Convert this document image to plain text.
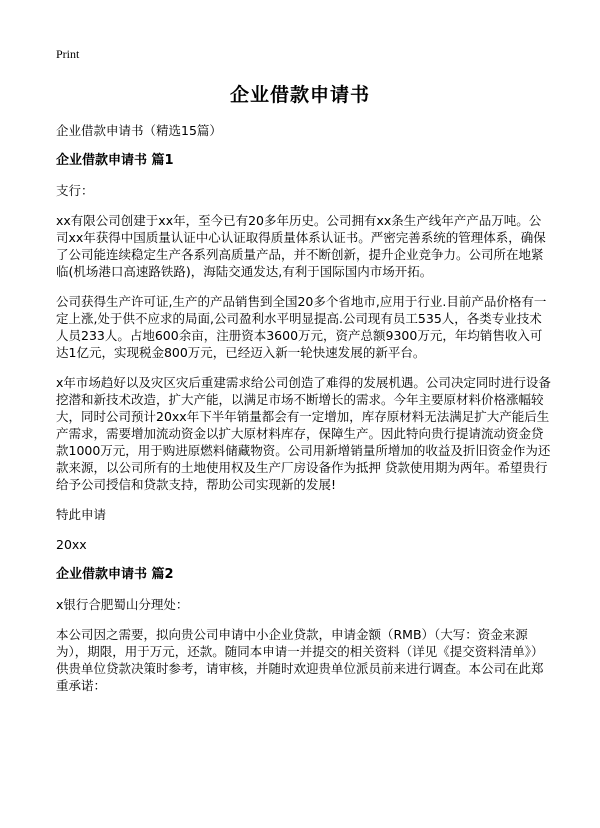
Print
企业借款申请书

企业借款申请书（精选15篇）

企业借款申请书 篇1

支行：

xx有限公司创建于xx年，至今已有20多年历史。公司拥有xx条生产线年产产品万吨。公司xx年获得中国质量认证中心认证取得质量体系认证书。严密完善系统的管理体系，确保了公司能连续稳定生产各系列高质量产品，并不断创新，提升企业竞争力。公司所在地紧临(机场港口高速路铁路)，海陆交通发达,有利于国际国内市场开拓。

公司获得生产许可证,生产的产品销售到全国20多个省地市,应用于行业.目前产品价格有一定上涨,处于供不应求的局面,公司盈利水平明显提高.公司现有员工535人，各类专业技术人员233人。占地600余亩，注册资本3600万元，资产总额9300万元，年均销售收入可达1亿元，实现税金800万元，已经迈入新一轮快速发展的新平台。

x年市场趋好以及灾区灾后重建需求给公司创造了难得的发展机遇。公司决定同时进行设备挖潜和新技术改造，扩大产能，以满足市场不断增长的需求。今年主要原材料价格涨幅较大，同时公司预计20xx年下半年销量都会有一定增加，库存原材料无法满足扩大产能后生产需求，需要增加流动资金以扩大原材料库存，保障生产。因此特向贵行提请流动资金贷款1000万元，用于购进原燃料储藏物资。公司用新增销量所增加的收益及折旧资金作为还款来源，以公司所有的土地使用权及生产厂房设备作为抵押 贷款使用期为两年。希望贵行给予公司授信和贷款支持，帮助公司实现新的发展!

特此申请

20xx

企业借款申请书 篇2

x银行合肥蜀山分理处：

本公司因之需要，拟向贵公司申请中小企业贷款，申请金额（RMB）（大写：资金来源为），期限，用于万元，还款。随同本申请一并提交的相关资料（详见《提交资料清单》）供贵单位贷款决策时参考，请审核，并随时欢迎贵单位派员前来进行调查。本公司在此郑重承诺：
